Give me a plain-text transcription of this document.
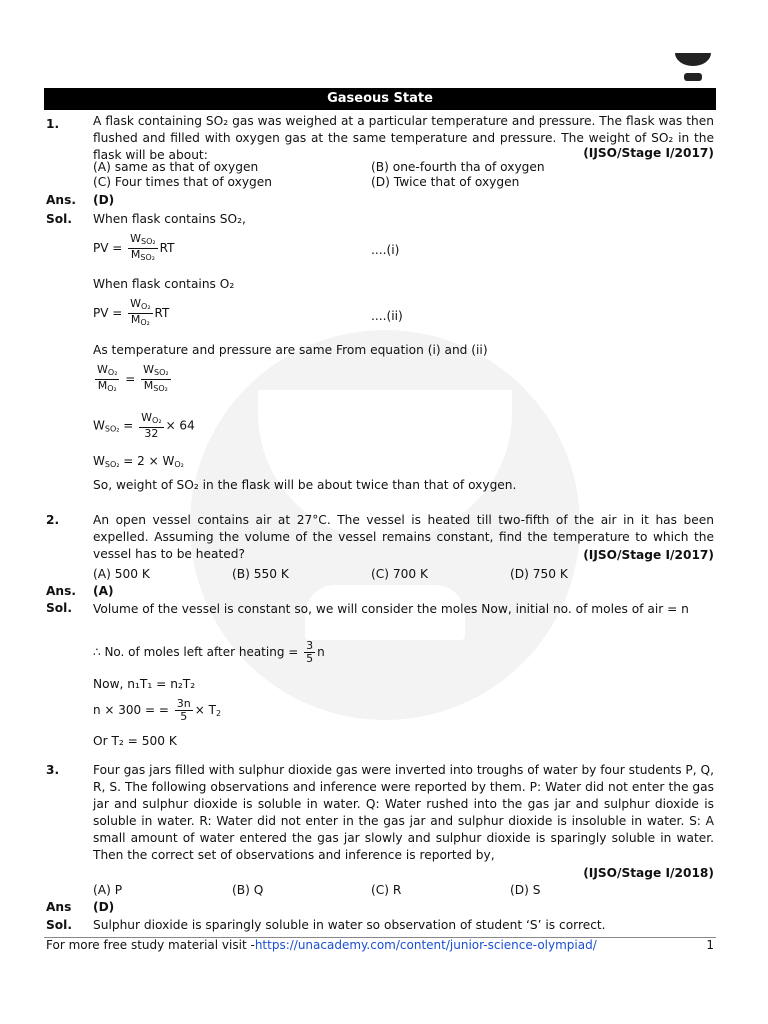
Gaseous State
1.	A flask containing SO₂ gas was weighed at a particular temperature and pressure. The flask was then flushed and filled with oxygen gas at the same temperature and pressure. The weight of SO₂ in the flask will be about:	(IJSO/Stage I/2017)
(A) same as that of oxygen	(B) one-fourth tha of oxygen
(C) Four times that of oxygen	(D) Twice that of oxygen
Ans. (D)
Sol. When flask contains SO₂,
PV = $\frac{W_{SO_2}}{M_{SO_2}}$ RT	....(i)
When flask contains O₂
PV = $\frac{W_{O_2}}{M_{O_2}}$ RT	....(ii)
As temperature and pressure are same From equation (i) and (ii)
$\frac{W_{O_2}}{M_{O_2}} = \frac{W_{SO_2}}{M_{SO_2}}$
$W_{SO_2} = \frac{W_{O_2}}{32} \times 64$
$W_{SO_2} = 2 \times W_{O_2}$
So, weight of SO₂ in the flask will be about twice than that of oxygen.
2.	An open vessel contains air at 27°C. The vessel is heated till two-fifth of the air in it has been expelled. Assuming the volume of the vessel remains constant, find the temperature to which the vessel has to be heated?	(IJSO/Stage I/2017)
(A) 500 K	(B) 550 K	(C) 700 K	(D) 750 K
Ans. (A)
Sol. Volume of the vessel is constant so, we will consider the moles Now, initial no. of moles of air = n
∴ No. of moles left after heating = $\frac{3}{5}$ n
Now, n₁T₁ = n₂T₂
n × 300 = = $\frac{3n}{5} \times T_2$
Or T₂ = 500 K
3.	Four gas jars filled with sulphur dioxide gas were inverted into troughs of water by four students P, Q, R, S. The following observations and inference were reported by them. P: Water did not enter the gas jar and sulphur dioxide is soluble in water. Q: Water rushed into the gas jar and sulphur dioxide is soluble in water. R: Water did not enter in the gas jar and sulphur dioxide is insoluble in water. S: A small amount of water entered the gas jar slowly and sulphur dioxide is sparingly soluble in water. Then the correct set of observations and inference is reported by,
(IJSO/Stage I/2018)
(A) P	(B) Q	(C) R	(D) S
Ans (D)
Sol. Sulphur dioxide is sparingly soluble in water so observation of student ‘S’ is correct.
For more free study material visit -https://unacademy.com/content/junior-science-olympiad/	1
